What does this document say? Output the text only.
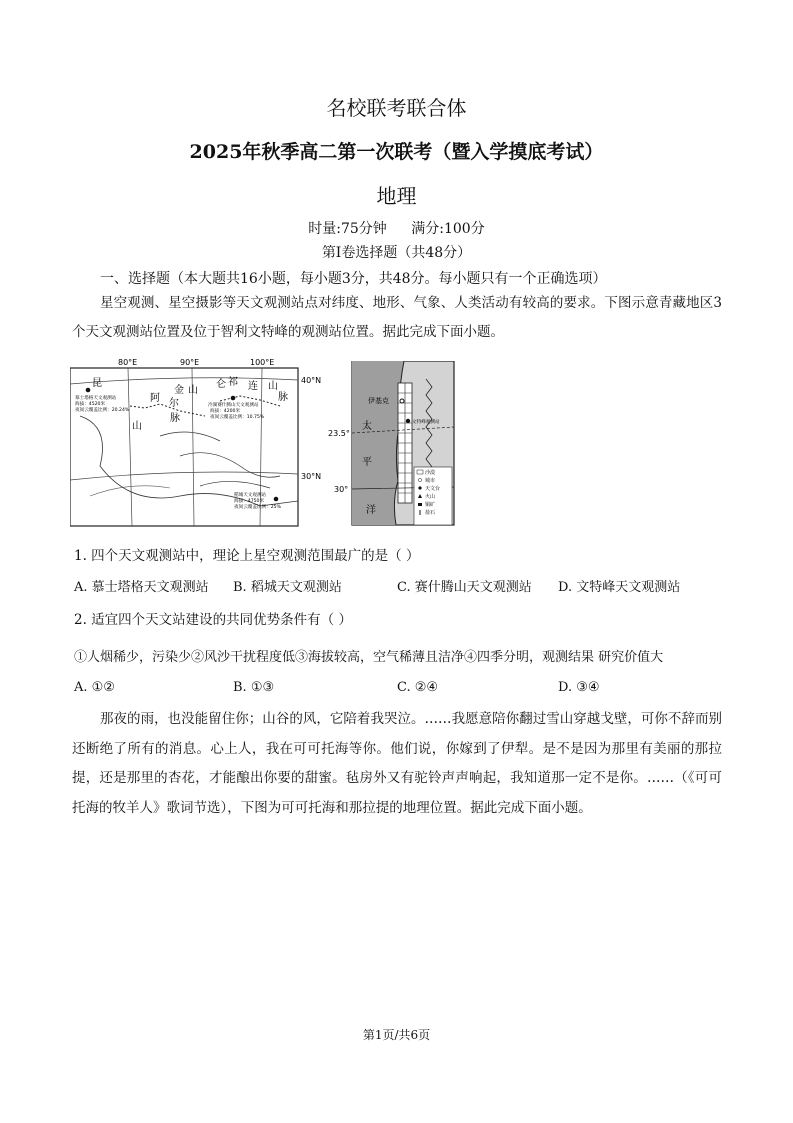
名校联考联合体
2025年秋季高二第一次联考（暨入学摸底考试）
地理
时量:75分钟 满分:100分
第Ⅰ卷选择题（共48分）
一、选择题（本大题共16小题，每小题3分，共48分。每小题只有一个正确选项）
星空观测、星空摄影等天文观测站点对纬度、地形、气象、人类活动有较高的要求。下图示意青藏地区3个天文观测站位置及位于智利文特峰的观测站位置。据此完成下面小题。
80°E	90°E	100°E
40°N
30°N
昆
阿 尔
金 山
脉
祁 连 山
脉
仑
山
慕士塔格天文观测站
海拔：4520米
夜间云覆盖比例：20.24%
冷湖赛什腾山天文观测站
海拔：4200米
夜间云覆盖比例：10.75%
稻城天文观测站
海拔：4750米
夜间云覆盖比例：25%
23.5°
30°
太
平
洋
伊基克
文特峰观测站
沙漠
城市
天文台
火山
铜矿
盐石
1. 四个天文观测站中，理论上星空观测范围最广的是（ ）
A. 慕士塔格天文观测站 B. 稻城天文观测站	C. 赛什腾山天文观测站 D. 文特峰天文观测站
2. 适宜四个天文站建设的共同优势条件有（ ）
①人烟稀少，污染少②风沙干扰程度低③海拔较高，空气稀薄且洁净④四季分明，观测结果 研究价值大
A. ①②	B. ①③	C. ②④	D. ③④
那夜的雨，也没能留住你；山谷的风，它陪着我哭泣。……我愿意陪你翻过雪山穿越戈壁，可你不辞而别还断绝了所有的消息。心上人，我在可可托海等你。他们说，你嫁到了伊犁。是不是因为那里有美丽的那拉提，还是那里的杏花，才能酿出你要的甜蜜。毡房外又有驼铃声声响起，我知道那一定不是你。……（《可可托海的牧羊人》歌词节选），下图为可可托海和那拉提的地理位置。据此完成下面小题。
第1页/共6页
